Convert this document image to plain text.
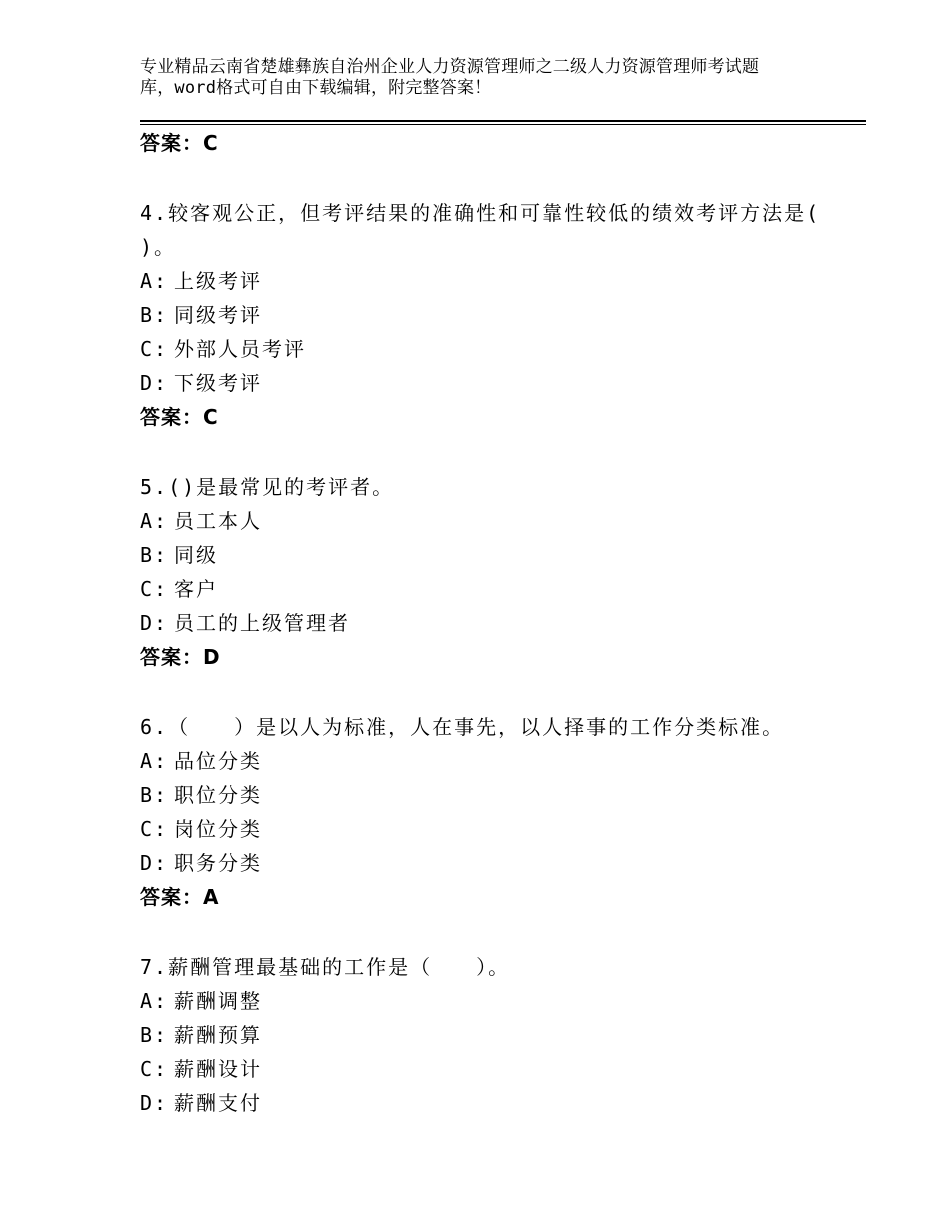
专业精品云南省楚雄彝族自治州企业人力资源管理师之二级人力资源管理师考试题
库，word格式可自由下载编辑，附完整答案！
答案：C
4.较客观公正，但考评结果的准确性和可靠性较低的绩效考评方法是(
)。
A: 上级考评
B: 同级考评
C: 外部人员考评
D: 下级考评
答案：C
5.()是最常见的考评者。
A: 员工本人
B: 同级
C: 客户
D: 员工的上级管理者
答案：D
6.（　　）是以人为标准，人在事先，以人择事的工作分类标准。
A: 品位分类
B: 职位分类
C: 岗位分类
D: 职务分类
答案：A
7.薪酬管理最基础的工作是（　　）。
A: 薪酬调整
B: 薪酬预算
C: 薪酬设计
D: 薪酬支付
